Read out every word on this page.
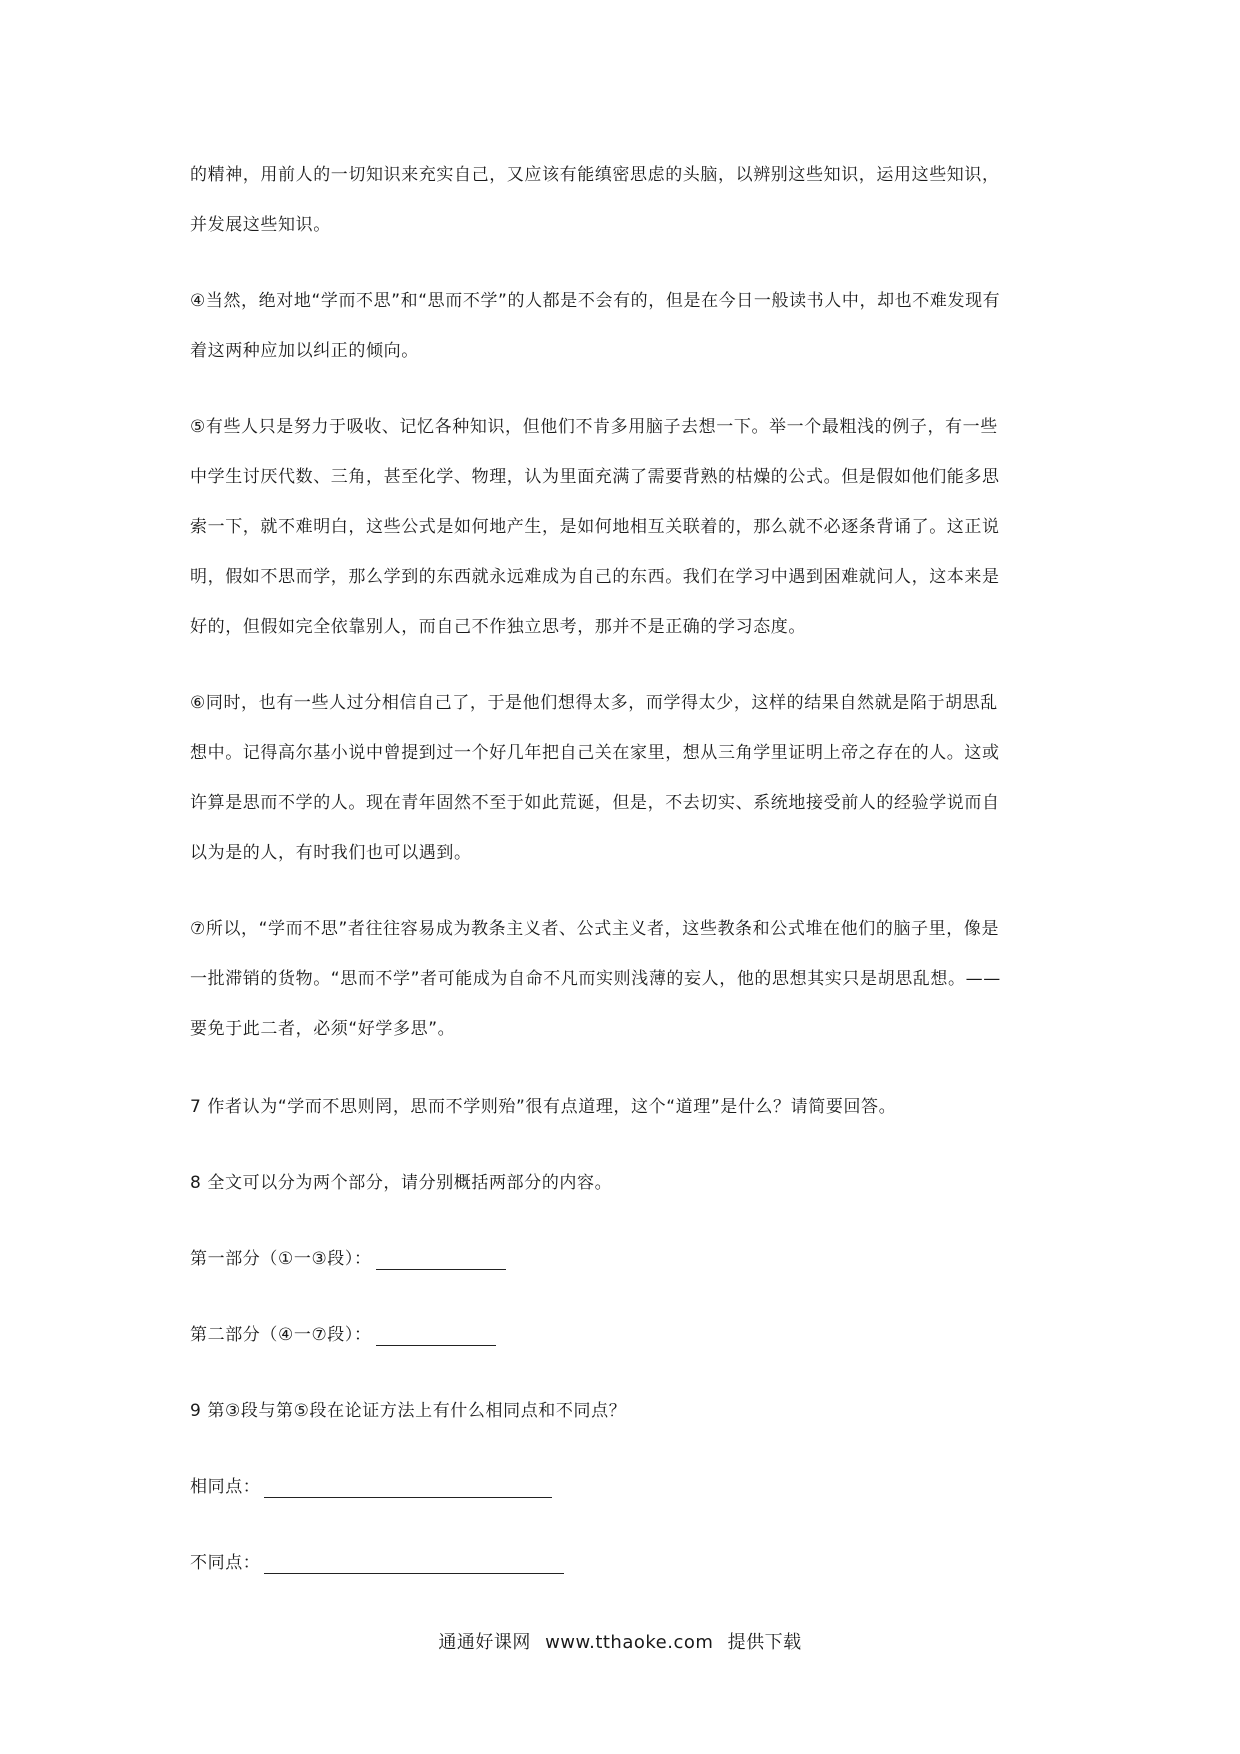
的精神，用前人的一切知识来充实自己，又应该有能缜密思虑的头脑，以辨别这些知识，运用这些知识，
并发展这些知识。
④当然，绝对地“学而不思”和“思而不学”的人都是不会有的，但是在今日一般读书人中，却也不难发现有
着这两种应加以纠正的倾向。
⑤有些人只是努力于吸收、记忆各种知识，但他们不肯多用脑子去想一下。举一个最粗浅的例子，有一些
中学生讨厌代数、三角，甚至化学、物理，认为里面充满了需要背熟的枯燥的公式。但是假如他们能多思
索一下，就不难明白，这些公式是如何地产生，是如何地相互关联着的，那么就不必逐条背诵了。这正说
明，假如不思而学，那么学到的东西就永远难成为自己的东西。我们在学习中遇到困难就问人，这本来是
好的，但假如完全依靠别人，而自己不作独立思考，那并不是正确的学习态度。
⑥同时，也有一些人过分相信自己了，于是他们想得太多，而学得太少，这样的结果自然就是陷于胡思乱
想中。记得高尔基小说中曾提到过一个好几年把自己关在家里，想从三角学里证明上帝之存在的人。这或
许算是思而不学的人。现在青年固然不至于如此荒诞，但是，不去切实、系统地接受前人的经验学说而自
以为是的人，有时我们也可以遇到。
⑦所以，“学而不思”者往往容易成为教条主义者、公式主义者，这些教条和公式堆在他们的脑子里，像是
一批滞销的货物。“思而不学”者可能成为自命不凡而实则浅薄的妄人，他的思想其实只是胡思乱想。——
要免于此二者，必须“好学多思”。
7 作者认为“学而不思则罔，思而不学则殆”很有点道理，这个“道理”是什么？请简要回答。
8 全文可以分为两个部分，请分别概括两部分的内容。
第一部分（①一③段）：
第二部分（④一⑦段）：
9 第③段与第⑤段在论证方法上有什么相同点和不同点？
相同点：
不同点：
通通好课网 www.tthaoke.com 提供下载
